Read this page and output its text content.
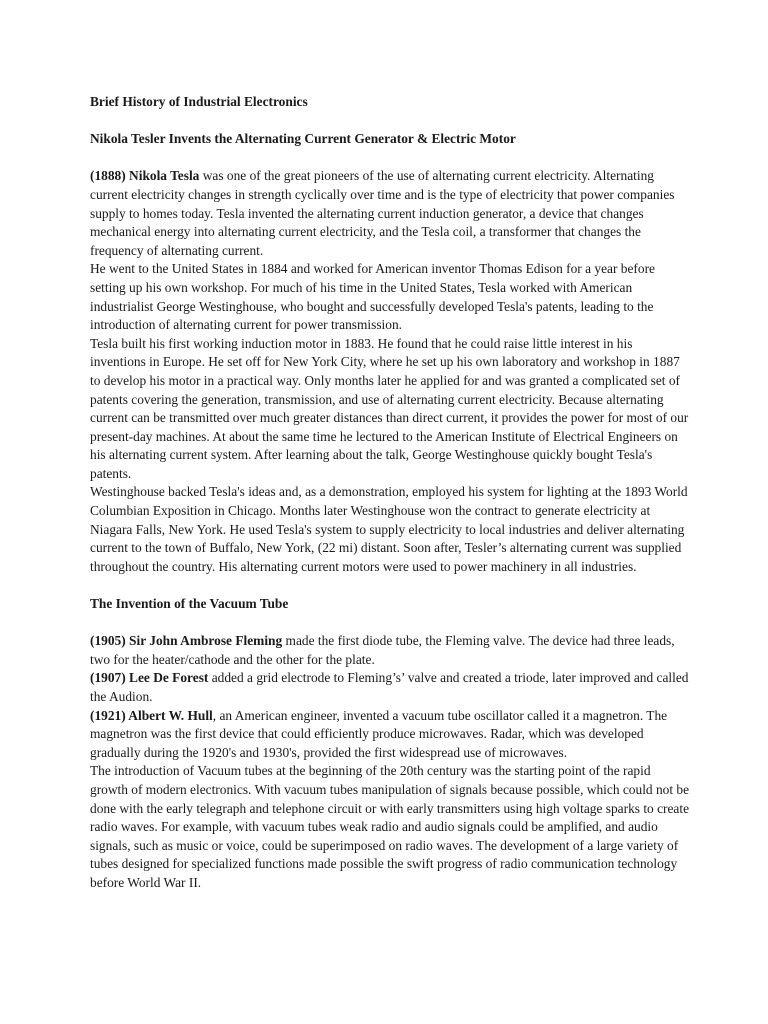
Brief History of Industrial Electronics

Nikola Tesler Invents the Alternating Current Generator & Electric Motor

(1888) Nikola Tesla was one of the great pioneers of the use of alternating current electricity. Alternating current electricity changes in strength cyclically over time and is the type of electricity that power companies supply to homes today. Tesla invented the alternating current induction generator, a device that changes mechanical energy into alternating current electricity, and the Tesla coil, a transformer that changes the frequency of alternating current.

He went to the United States in 1884 and worked for American inventor Thomas Edison for a year before setting up his own workshop. For much of his time in the United States, Tesla worked with American industrialist George Westinghouse, who bought and successfully developed Tesla's patents, leading to the introduction of alternating current for power transmission.

Tesla built his first working induction motor in 1883. He found that he could raise little interest in his inventions in Europe. He set off for New York City, where he set up his own laboratory and workshop in 1887 to develop his motor in a practical way. Only months later he applied for and was granted a complicated set of patents covering the generation, transmission, and use of alternating current electricity. Because alternating current can be transmitted over much greater distances than direct current, it provides the power for most of our present-day machines. At about the same time he lectured to the American Institute of Electrical Engineers on his alternating current system. After learning about the talk, George Westinghouse quickly bought Tesla's patents.

Westinghouse backed Tesla's ideas and, as a demonstration, employed his system for lighting at the 1893 World Columbian Exposition in Chicago. Months later Westinghouse won the contract to generate electricity at Niagara Falls, New York. He used Tesla's system to supply electricity to local industries and deliver alternating current to the town of Buffalo, New York, (22 mi) distant. Soon after, Tesler’s alternating current was supplied throughout the country. His alternating current motors were used to power machinery in all industries.

The Invention of the Vacuum Tube

(1905) Sir John Ambrose Fleming made the first diode tube, the Fleming valve. The device had three leads, two for the heater/cathode and the other for the plate.

(1907) Lee De Forest added a grid electrode to Fleming’s’ valve and created a triode, later improved and called the Audion.

(1921) Albert W. Hull, an American engineer, invented a vacuum tube oscillator called it a magnetron. The magnetron was the first device that could efficiently produce microwaves. Radar, which was developed gradually during the 1920's and 1930's, provided the first widespread use of microwaves.

The introduction of Vacuum tubes at the beginning of the 20th century was the starting point of the rapid growth of modern electronics. With vacuum tubes manipulation of signals because possible, which could not be done with the early telegraph and telephone circuit or with early transmitters using high voltage sparks to create radio waves. For example, with vacuum tubes weak radio and audio signals could be amplified, and audio signals, such as music or voice, could be superimposed on radio waves. The development of a large variety of tubes designed for specialized functions made possible the swift progress of radio communication technology before World War II.
